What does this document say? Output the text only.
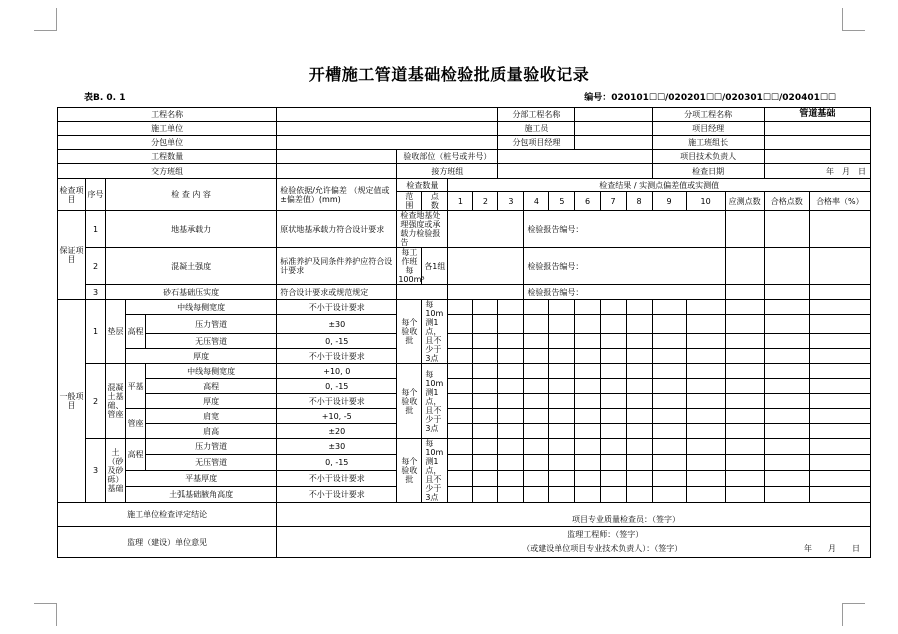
开槽施工管道基础检验批质量验收记录
表B. 0. 1	编号：020101☐☐/020201☐☐/020301☐☐/020401☐☐
工程名称										分部工程名称						分项工程名称			管道基础	
施工单位										施工员						项目经理				
分包单位										分包项目经理						施工班组长				
工程数量						验收部位（桩号或井号）										项目技术负责人				
交方班组						接方班组										检查日期			年　月　日	
检查项目	序号	检 查 内 容			检验依据/允许偏差 （规定值或±偏差值）(mm)	检查数量		检查结果 / 实测点偏差值或实测值												
						范　围	点　数	1	2	3	4	5	6	7	8	9	10	应测点数	合格点数	合格率（%）
保证项目	1	地基承载力			原状地基承载力符合设计要求	检查地基处理强度或承载力检验报告					检验报告编号：									
	2	混凝土强度			标准养护及同条件养护应符合设计要求	每工作班每100m³	各1组				检验报告编号：									
	3	砂石基础压实度			符合设计要求或规范规定						检验报告编号：									
一般项目	1	垫层	中线每侧宽度		不小于设计要求	每个验收批	每10m测1点，且不少于3点													
			高程	压力管道	±30															
				无压管道	0, -15															
			厚度		不小于设计要求															
	2	混凝土基础、管座	平基	中线每侧宽度	+10, 0	每个验收批	每10m测1点，且不少于3点													
				高程	0, -15															
				厚度	不小于设计要求															
			管座	肩宽	+10, -5															
				肩高	±20															
	3	土（砂及砂砾）基础	高程	压力管道	±30	每个验收批	每10m测1点，且不少于3点													
				无压管道	0, -15															
			平基厚度		不小于设计要求															
			土弧基础腋角高度		不小于设计要求															
施工单位检查评定结论					项目专业质量检查员：（签字）															
监理（建设）单位意见					监理工程师：（签字）
（或建设单位项目专业技术负责人）：（签字） 年　　月　　日															
